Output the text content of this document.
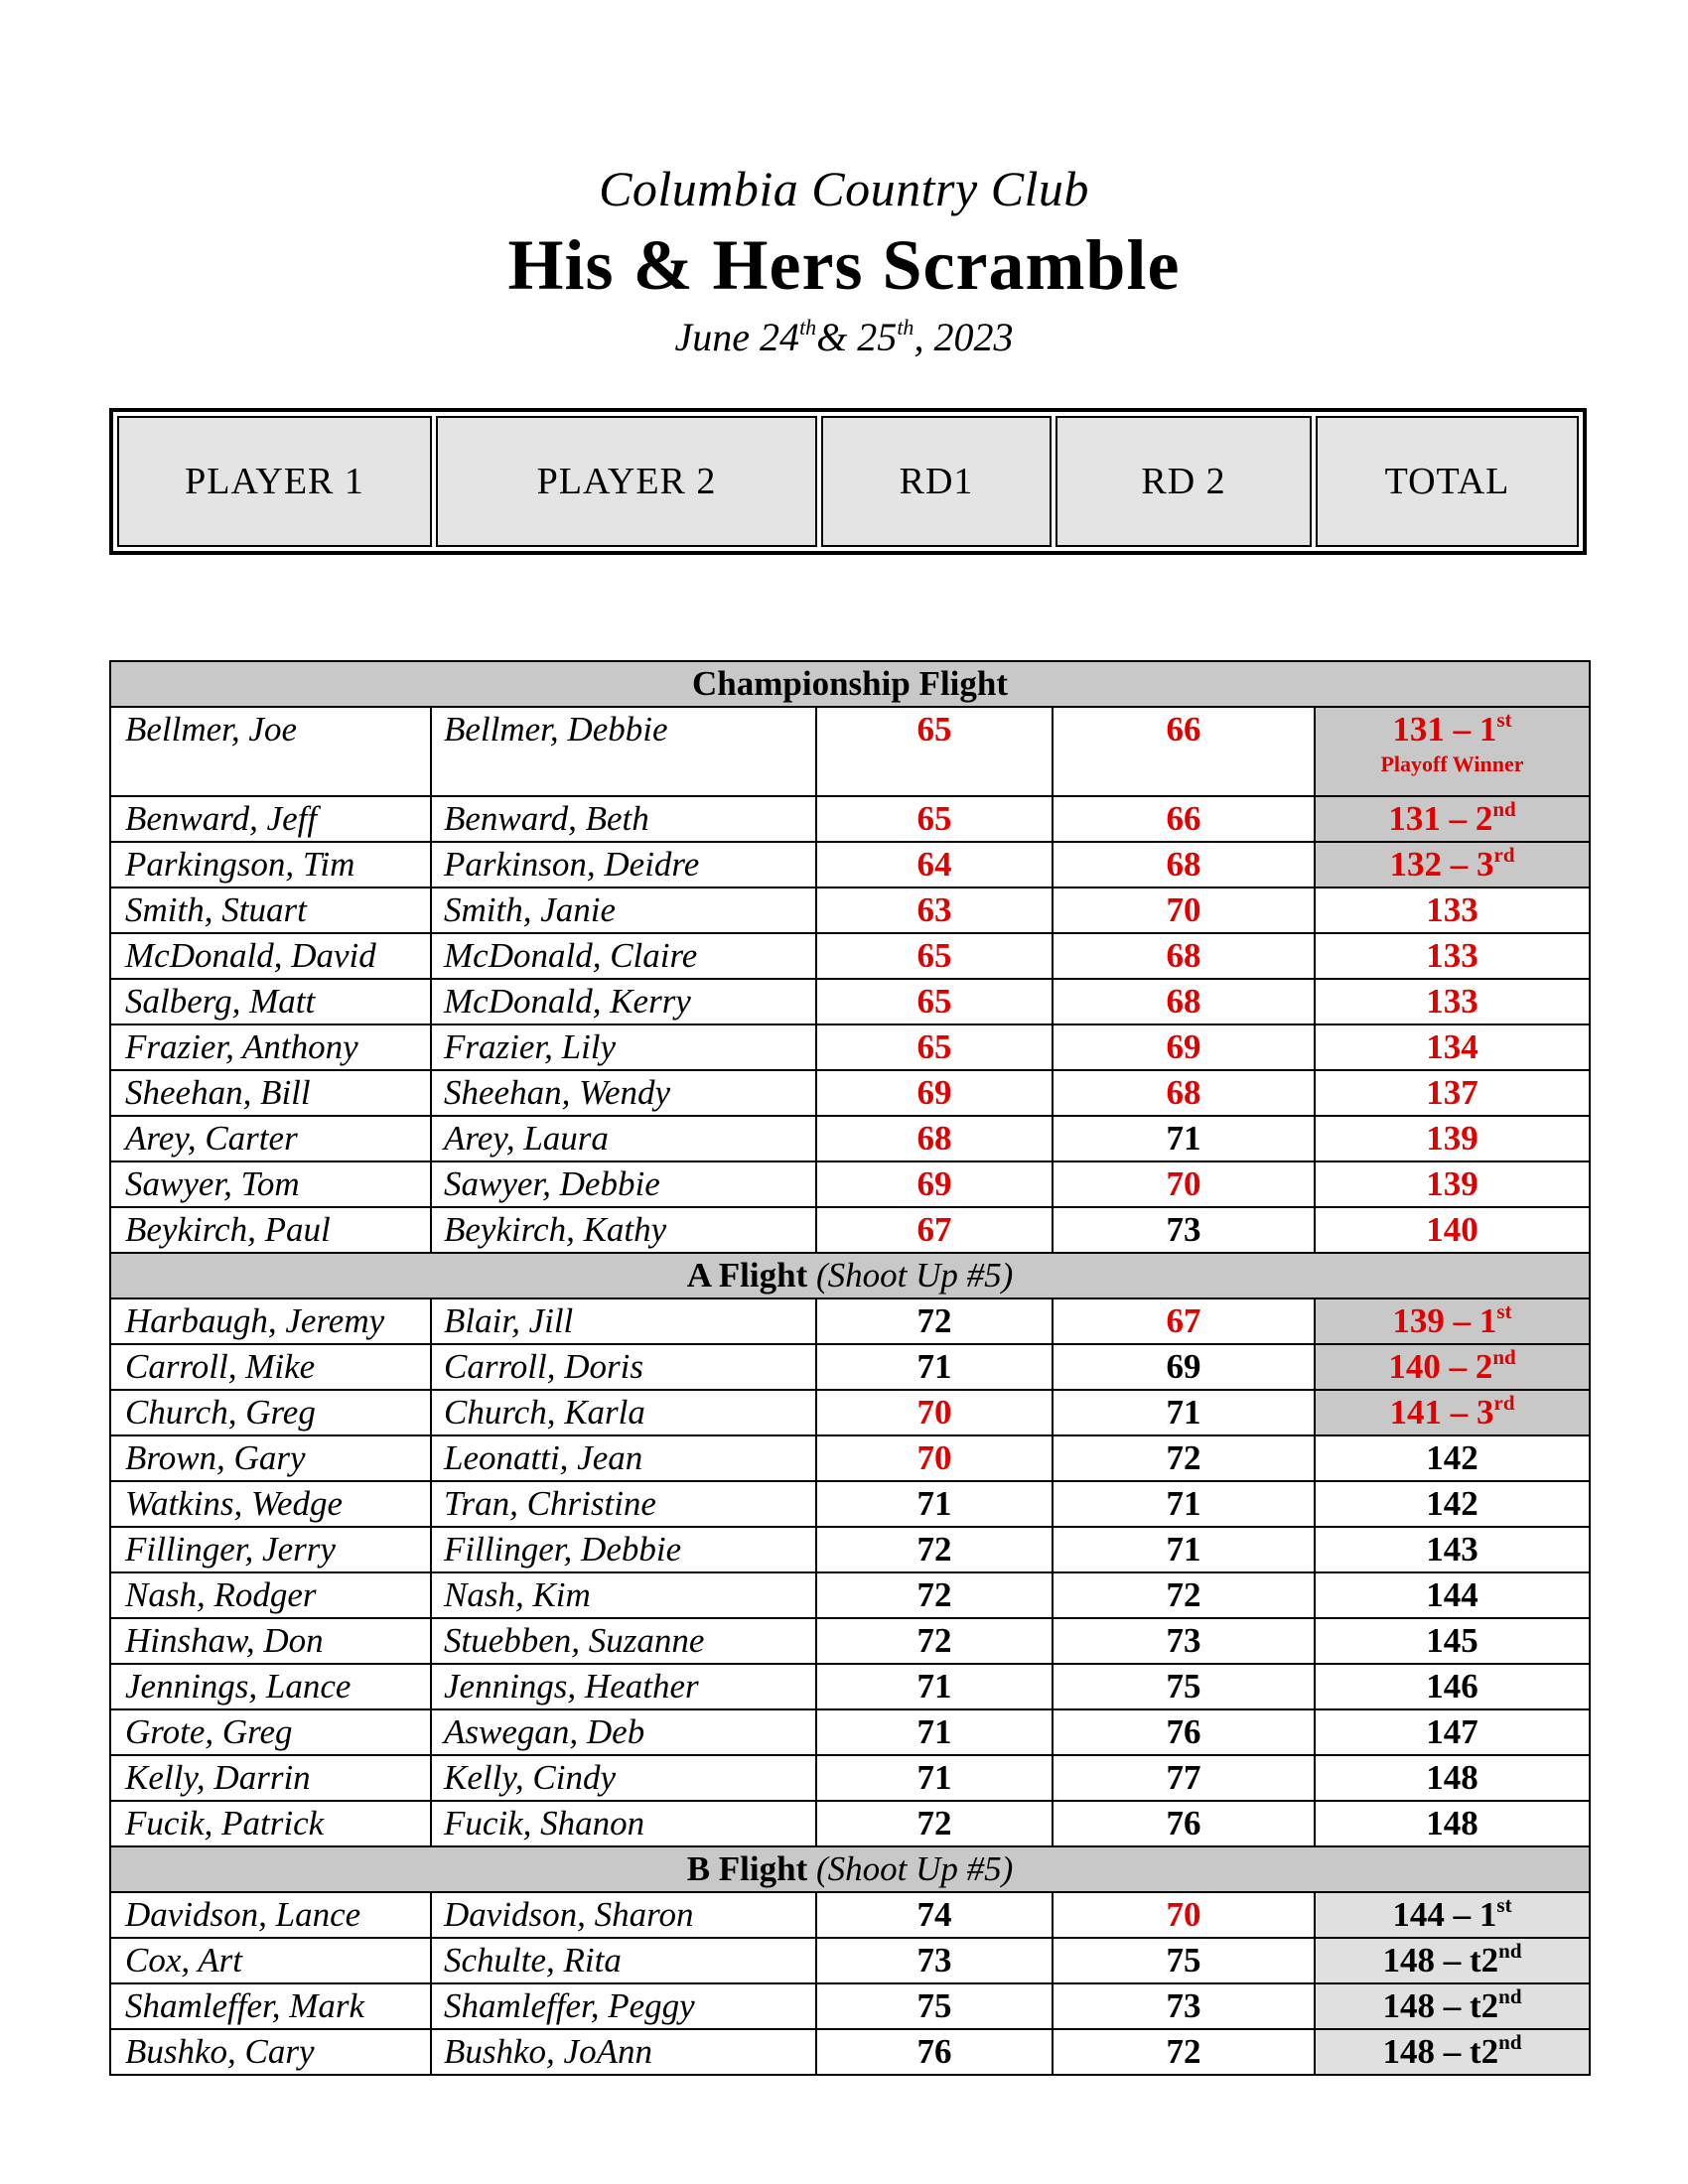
Columbia Country Club
His & Hers Scramble
June 24th& 25th, 2023
PLAYER 1	PLAYER 2	RD1	RD 2	TOTAL
Championship Flight				
Bellmer, Joe	Bellmer, Debbie	65	66	131 – 1st
Playoff Winner

Benward, Jeff	Benward, Beth	65	66	131 – 2nd
Parkingson, Tim	Parkinson, Deidre	64	68	132 – 3rd
Smith, Stuart	Smith, Janie	63	70	133
McDonald, David	McDonald, Claire	65	68	133
Salberg, Matt	McDonald, Kerry	65	68	133
Frazier, Anthony	Frazier, Lily	65	69	134
Sheehan, Bill	Sheehan, Wendy	69	68	137
Arey, Carter	Arey, Laura	68	71	139
Sawyer, Tom	Sawyer, Debbie	69	70	139
Beykirch, Paul	Beykirch, Kathy	67	73	140
A Flight (Shoot Up #5)				
Harbaugh, Jeremy	Blair, Jill	72	67	139 – 1st
Carroll, Mike	Carroll, Doris	71	69	140 – 2nd
Church, Greg	Church, Karla	70	71	141 – 3rd
Brown, Gary	Leonatti, Jean	70	72	142
Watkins, Wedge	Tran, Christine	71	71	142
Fillinger, Jerry	Fillinger, Debbie	72	71	143
Nash, Rodger	Nash, Kim	72	72	144
Hinshaw, Don	Stuebben, Suzanne	72	73	145
Jennings, Lance	Jennings, Heather	71	75	146
Grote, Greg	Aswegan, Deb	71	76	147
Kelly, Darrin	Kelly, Cindy	71	77	148
Fucik, Patrick	Fucik, Shanon	72	76	148
B Flight (Shoot Up #5)				
Davidson, Lance	Davidson, Sharon	74	70	144 – 1st
Cox, Art	Schulte, Rita	73	75	148 – t2nd
Shamleffer, Mark	Shamleffer, Peggy	75	73	148 – t2nd
Bushko, Cary	Bushko, JoAnn	76	72	148 – t2nd
